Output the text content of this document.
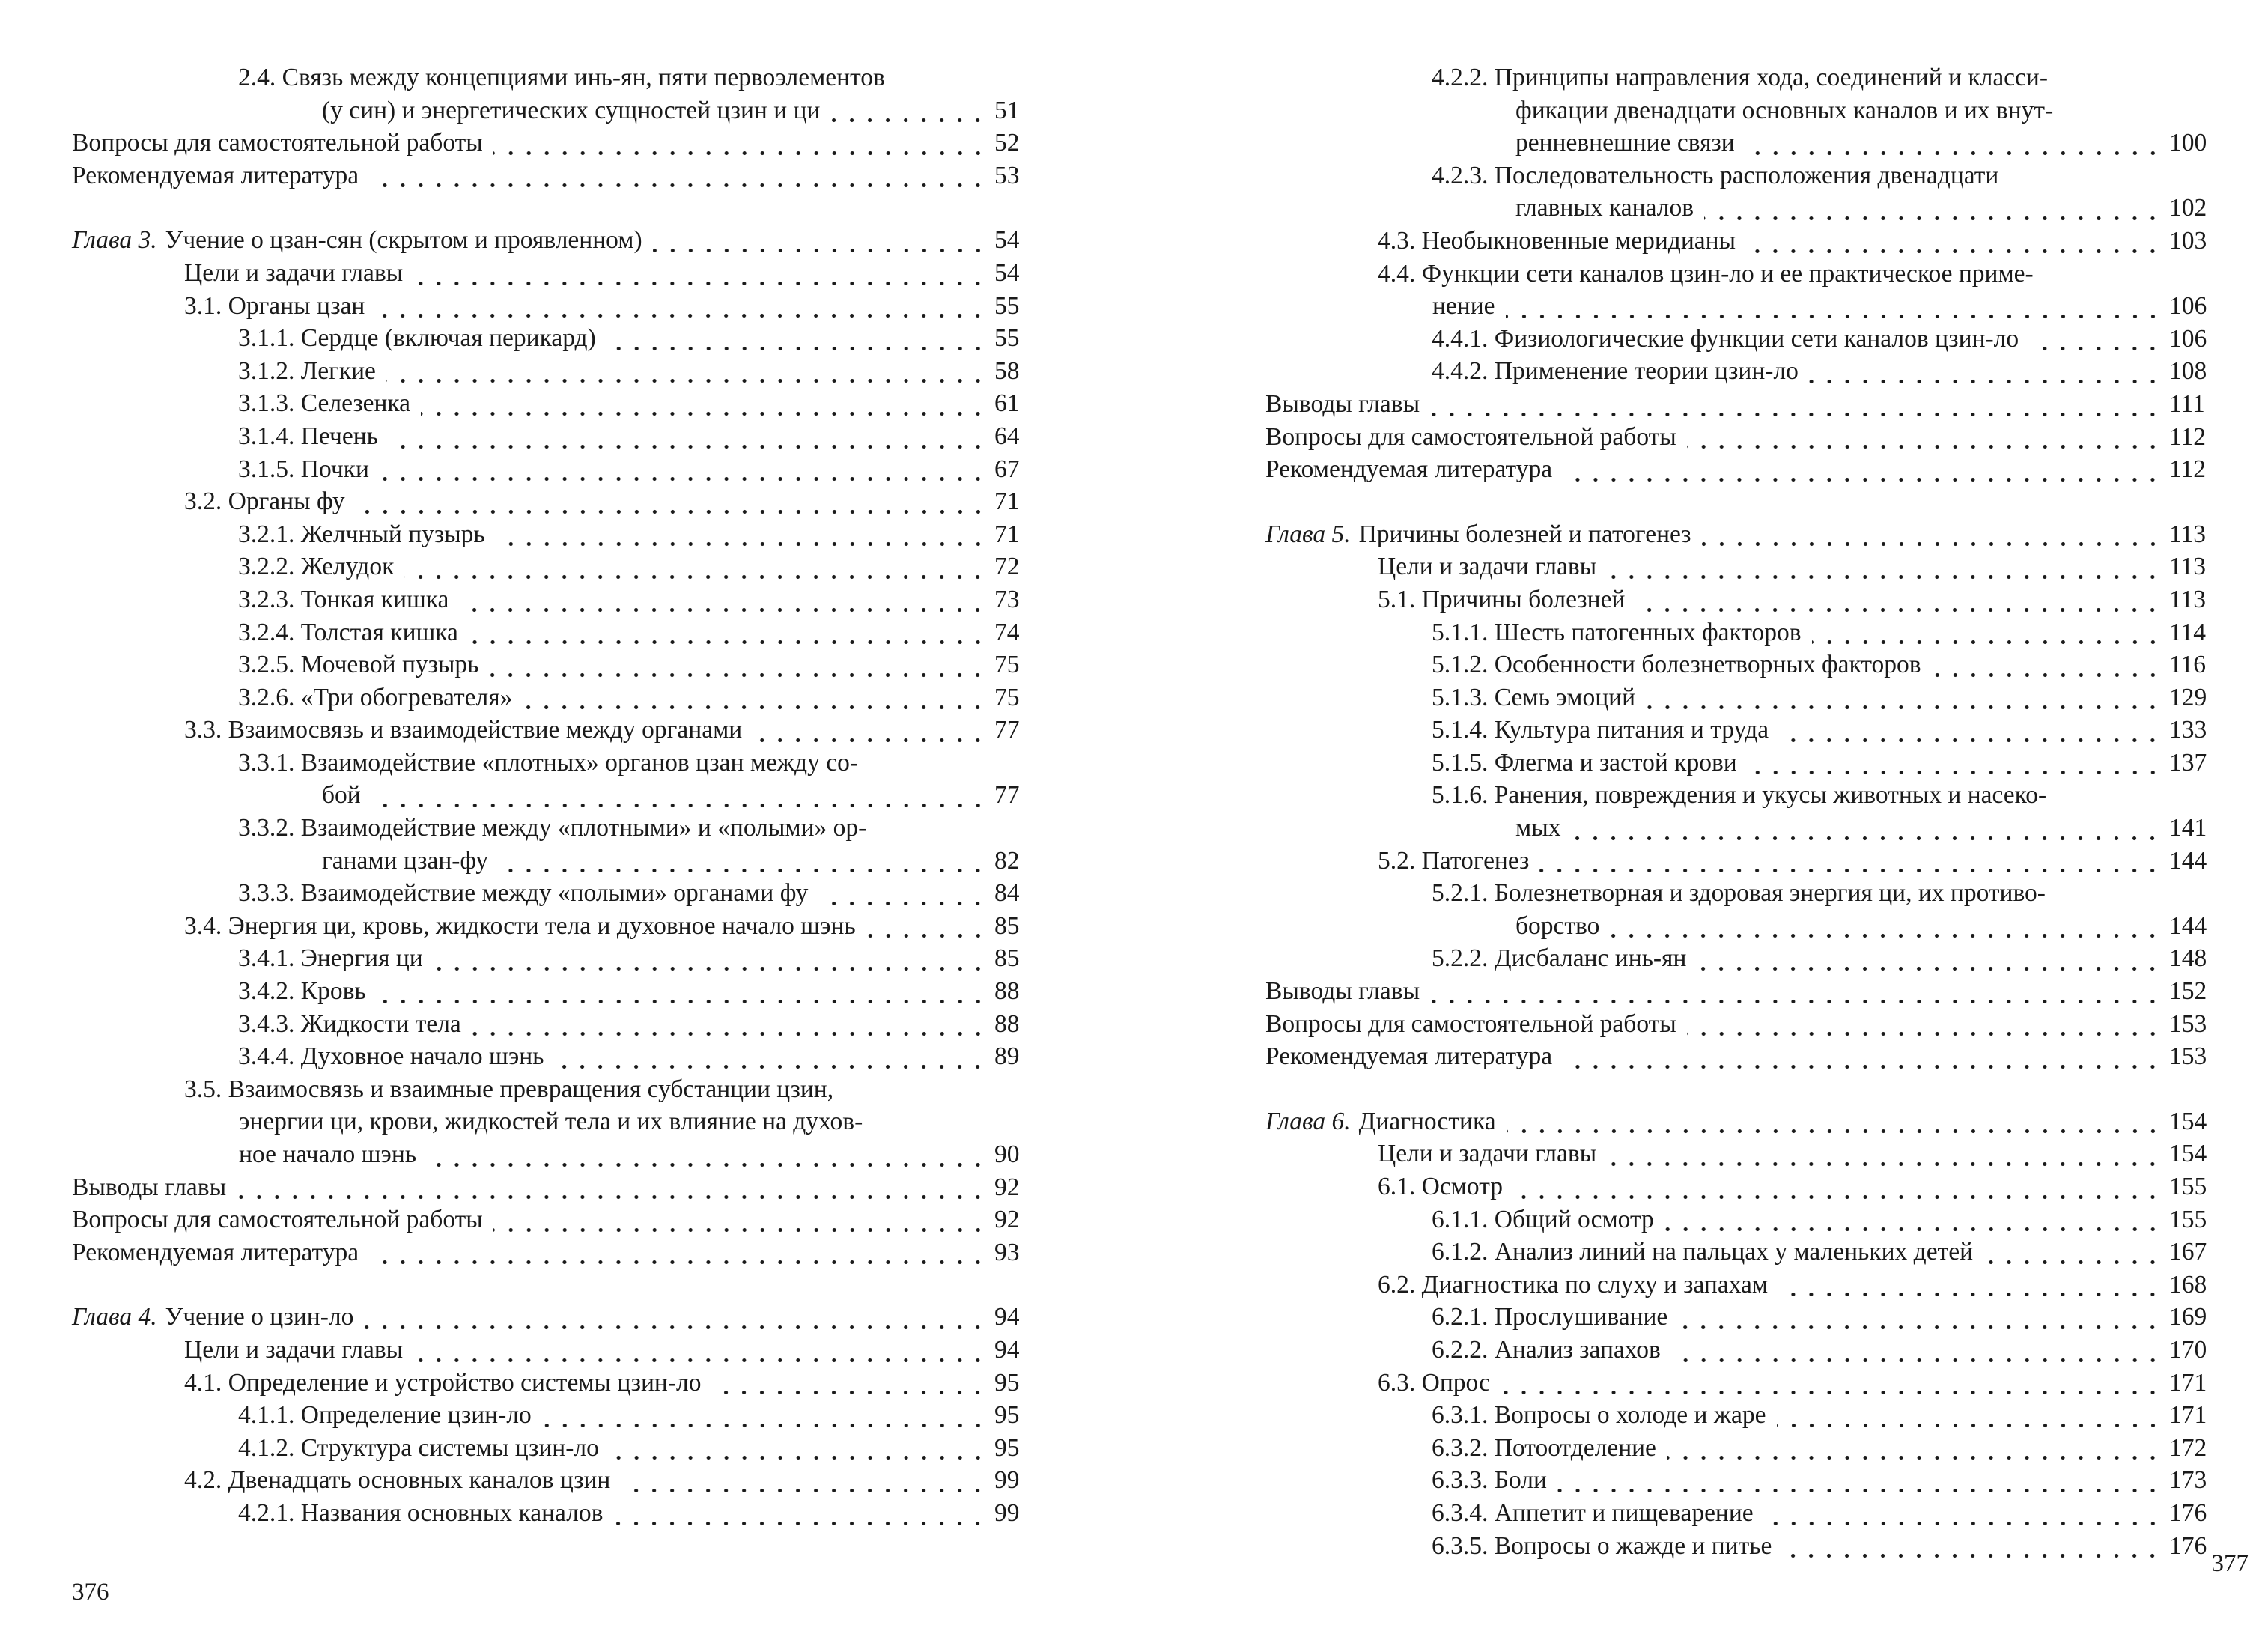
2.4. Связь между концепциями инь-ян, пяти первоэлементов
(у син) и энергетических сущностей цзин и ци	51
Вопросы для самостоятельной работы	52
Рекомендуемая литература	53
Глава 3. Учение о цзан-сян (скрытом и проявленном)	54
Цели и задачи главы	54
3.1. Органы цзан	55
3.1.1. Сердце (включая перикард)	55
3.1.2. Легкие	58
3.1.3. Селезенка	61
3.1.4. Печень	64
3.1.5. Почки	67
3.2. Органы фу	71
3.2.1. Желчный пузырь	71
3.2.2. Желудок	72
3.2.3. Тонкая кишка	73
3.2.4. Толстая кишка	74
3.2.5. Мочевой пузырь	75
3.2.6. «Три обогревателя»	75
3.3. Взаимосвязь и взаимодействие между органами	77
3.3.1. Взаимодействие «плотных» органов цзан между со-
бой	77
3.3.2. Взаимодействие между «плотными» и «полыми» ор-
ганами цзан-фу	82
3.3.3. Взаимодействие между «полыми» органами фу	84
3.4. Энергия ци, кровь, жидкости тела и духовное начало шэнь	85
3.4.1. Энергия ци	85
3.4.2. Кровь	88
3.4.3. Жидкости тела	88
3.4.4. Духовное начало шэнь	89
3.5. Взаимосвязь и взаимные превращения субстанции цзин,
энергии ци, крови, жидкостей тела и их влияние на духов-
ное начало шэнь	90
Выводы главы	92
Вопросы для самостоятельной работы	92
Рекомендуемая литература	93
Глава 4. Учение о цзин-ло	94
Цели и задачи главы	94
4.1. Определение и устройство системы цзин-ло	95
4.1.1. Определение цзин-ло	95
4.1.2. Структура системы цзин-ло	95
4.2. Двенадцать основных каналов цзин	99
4.2.1. Названия основных каналов	99
376
4.2.2. Принципы направления хода, соединений и класси-
фикации двенадцати основных каналов и их внут-
ренневнешние связи	100
4.2.3. Последовательность расположения двенадцати
главных каналов	102
4.3. Необыкновенные меридианы	103
4.4. Функции сети каналов цзин-ло и ее практическое приме-
нение	106
4.4.1. Физиологические функции сети каналов цзин-ло	106
4.4.2. Применение теории цзин-ло	108
Выводы главы	111
Вопросы для самостоятельной работы	112
Рекомендуемая литература	112
Глава 5. Причины болезней и патогенез	113
Цели и задачи главы	113
5.1. Причины болезней	113
5.1.1. Шесть патогенных факторов	114
5.1.2. Особенности болезнетворных факторов	116
5.1.3. Семь эмоций	129
5.1.4. Культура питания и труда	133
5.1.5. Флегма и застой крови	137
5.1.6. Ранения, повреждения и укусы животных и насеко-
мых	141
5.2. Патогенез	144
5.2.1. Болезнетворная и здоровая энергия ци, их противо-
борство	144
5.2.2. Дисбаланс инь-ян	148
Выводы главы	152
Вопросы для самостоятельной работы	153
Рекомендуемая литература	153
Глава 6. Диагностика	154
Цели и задачи главы	154
6.1. Осмотр	155
6.1.1. Общий осмотр	155
6.1.2. Анализ линий на пальцах у маленьких детей	167
6.2. Диагностика по слуху и запахам	168
6.2.1. Прослушивание	169
6.2.2. Анализ запахов	170
6.3. Опрос	171
6.3.1. Вопросы о холоде и жаре	171
6.3.2. Потоотделение	172
6.3.3. Боли	173
6.3.4. Аппетит и пищеварение	176
6.3.5. Вопросы о жажде и питье	176
377
